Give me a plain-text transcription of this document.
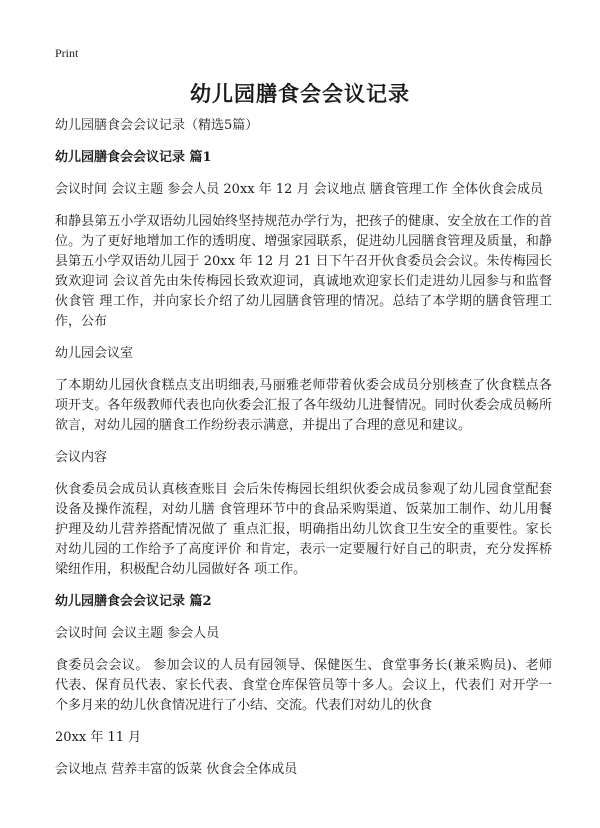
Print
幼儿园膳食会会议记录

幼儿园膳食会会议记录（精选5篇）

幼儿园膳食会会议记录 篇1

会议时间 会议主题 参会人员 20xx 年 12 月 会议地点 膳食管理工作 全体伙食会成员

和静县第五小学双语幼儿园始终坚持规范办学行为，把孩子的健康、安全放在工作的首位。为了更好地增加工作的透明度、增强家园联系，促进幼儿园膳食管理及质量，和静县第五小学双语幼儿园于 20xx 年 12 月 21 日下午召开伙食委员会会议。朱传梅园长致欢迎词 会议首先由朱传梅园长致欢迎词，真诚地欢迎家长们走进幼儿园参与和监督伙食管 理工作，并向家长介绍了幼儿园膳食管理的情况。总结了本学期的膳食管理工作，公布

幼儿园会议室

了本期幼儿园伙食糕点支出明细表,马丽雅老师带着伙委会成员分别核查了伙食糕点各 项开支。各年级教师代表也向伙委会汇报了各年级幼儿进餐情况。同时伙委会成员畅所 欲言，对幼儿园的膳食工作纷纷表示满意，并提出了合理的意见和建议。

会议内容

伙食委员会成员认真核查账目 会后朱传梅园长组织伙委会成员参观了幼儿园食堂配套设备及操作流程，对幼儿膳 食管理环节中的食品采购渠道、饭菜加工制作、幼儿用餐护理及幼儿营养搭配情况做了 重点汇报，明确指出幼儿饮食卫生安全的重要性。家长对幼儿园的工作给予了高度评价 和肯定，表示一定要履行好自己的职责，充分发挥桥梁纽作用，积极配合幼儿园做好各 项工作。

幼儿园膳食会会议记录 篇2

会议时间 会议主题 参会人员

食委员会会议。 参加会议的人员有园领导、保健医生、食堂事务长(兼采购员)、老师 代表、保育员代表、家长代表、食堂仓库保管员等十多人。会议上，代表们 对开学一个多月来的幼儿伙食情况进行了小结、交流。代表们对幼儿的伙食

20xx 年 11 月

会议地点 营养丰富的饭菜 伙食会全体成员
